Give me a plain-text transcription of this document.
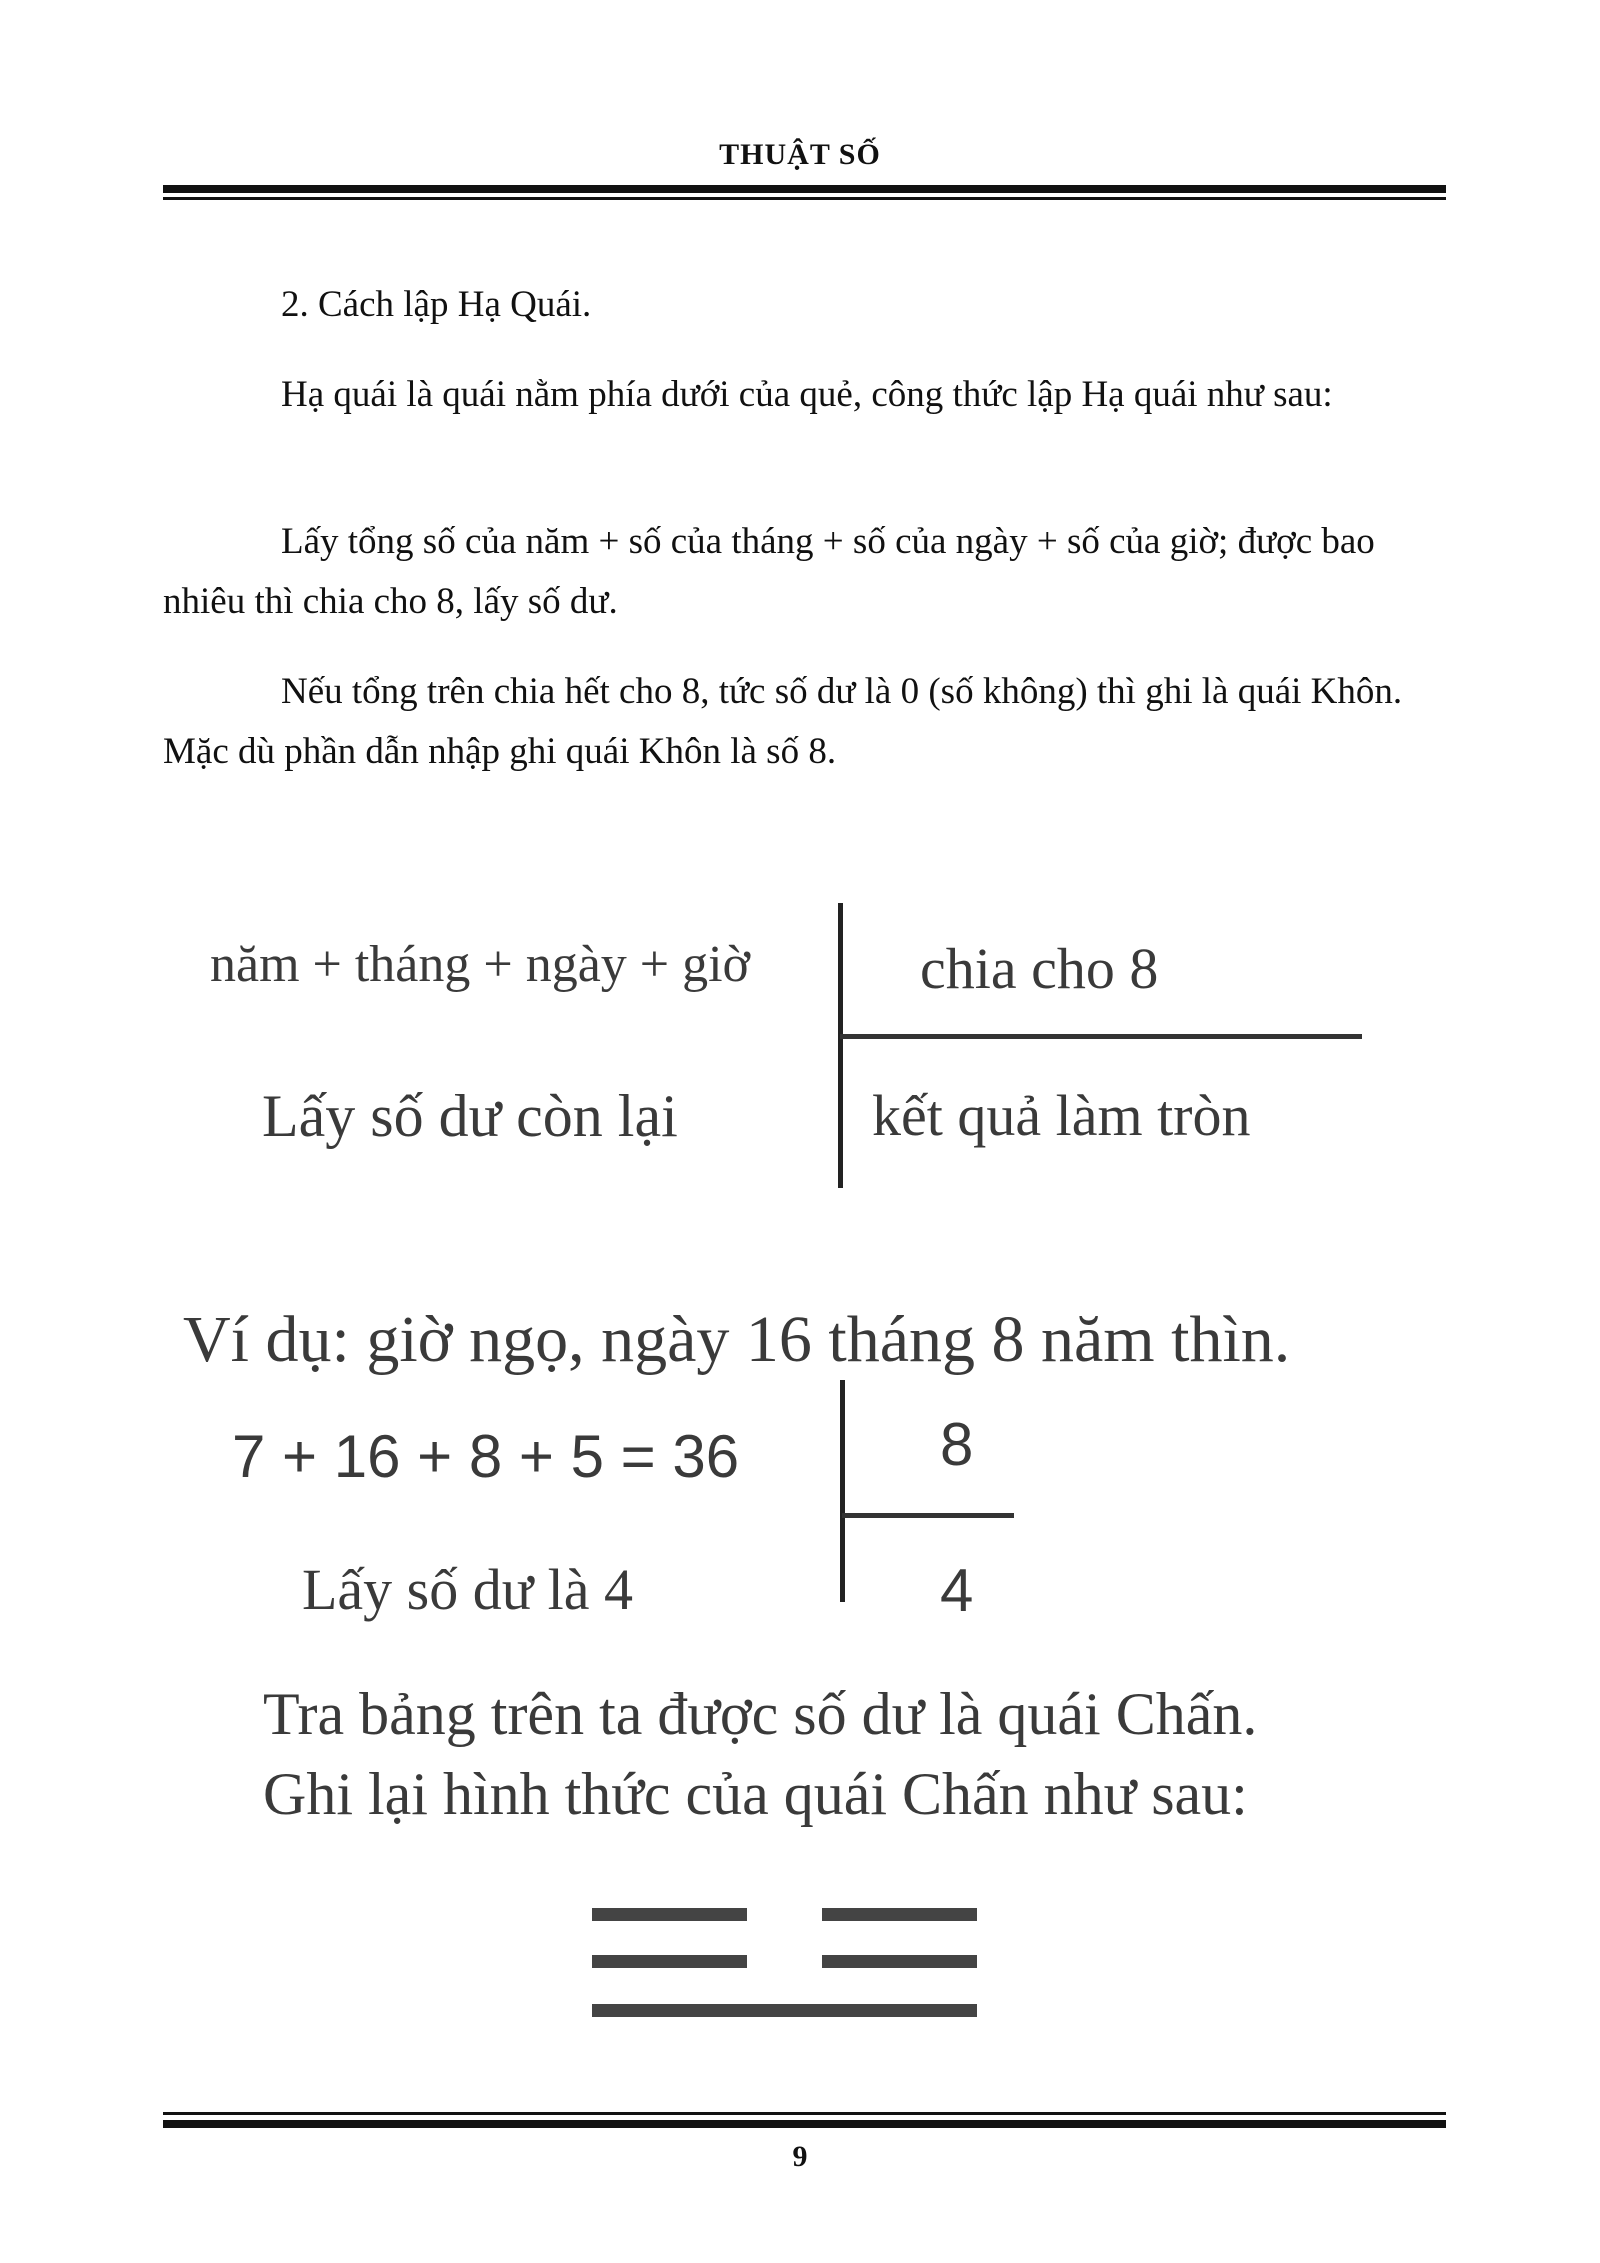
THUẬT SỐ

2. Cách lập Hạ Quái.

Hạ quái là quái nằm phía dưới của quẻ, công thức lập Hạ quái như sau:

Lấy tổng số của năm + số của tháng + số của ngày + số của giờ; được bao nhiêu thì chia cho 8, lấy số dư.

Nếu tổng trên chia hết cho 8, tức số dư là 0 (số không) thì ghi là quái Khôn. Mặc dù phần dẫn nhập ghi quái Khôn là số 8.

năm + tháng + ngày + giờ	chia cho 8
Lấy số dư còn lại	kết quả làm tròn
Ví dụ: giờ ngọ, ngày 16 tháng 8 năm thìn.
7 + 16 + 8 + 5 = 36	8
Lấy số dư là 4	4
Tra bảng trên ta được số dư là quái Chấn.
Ghi lại hình thức của quái Chấn như sau:
9
